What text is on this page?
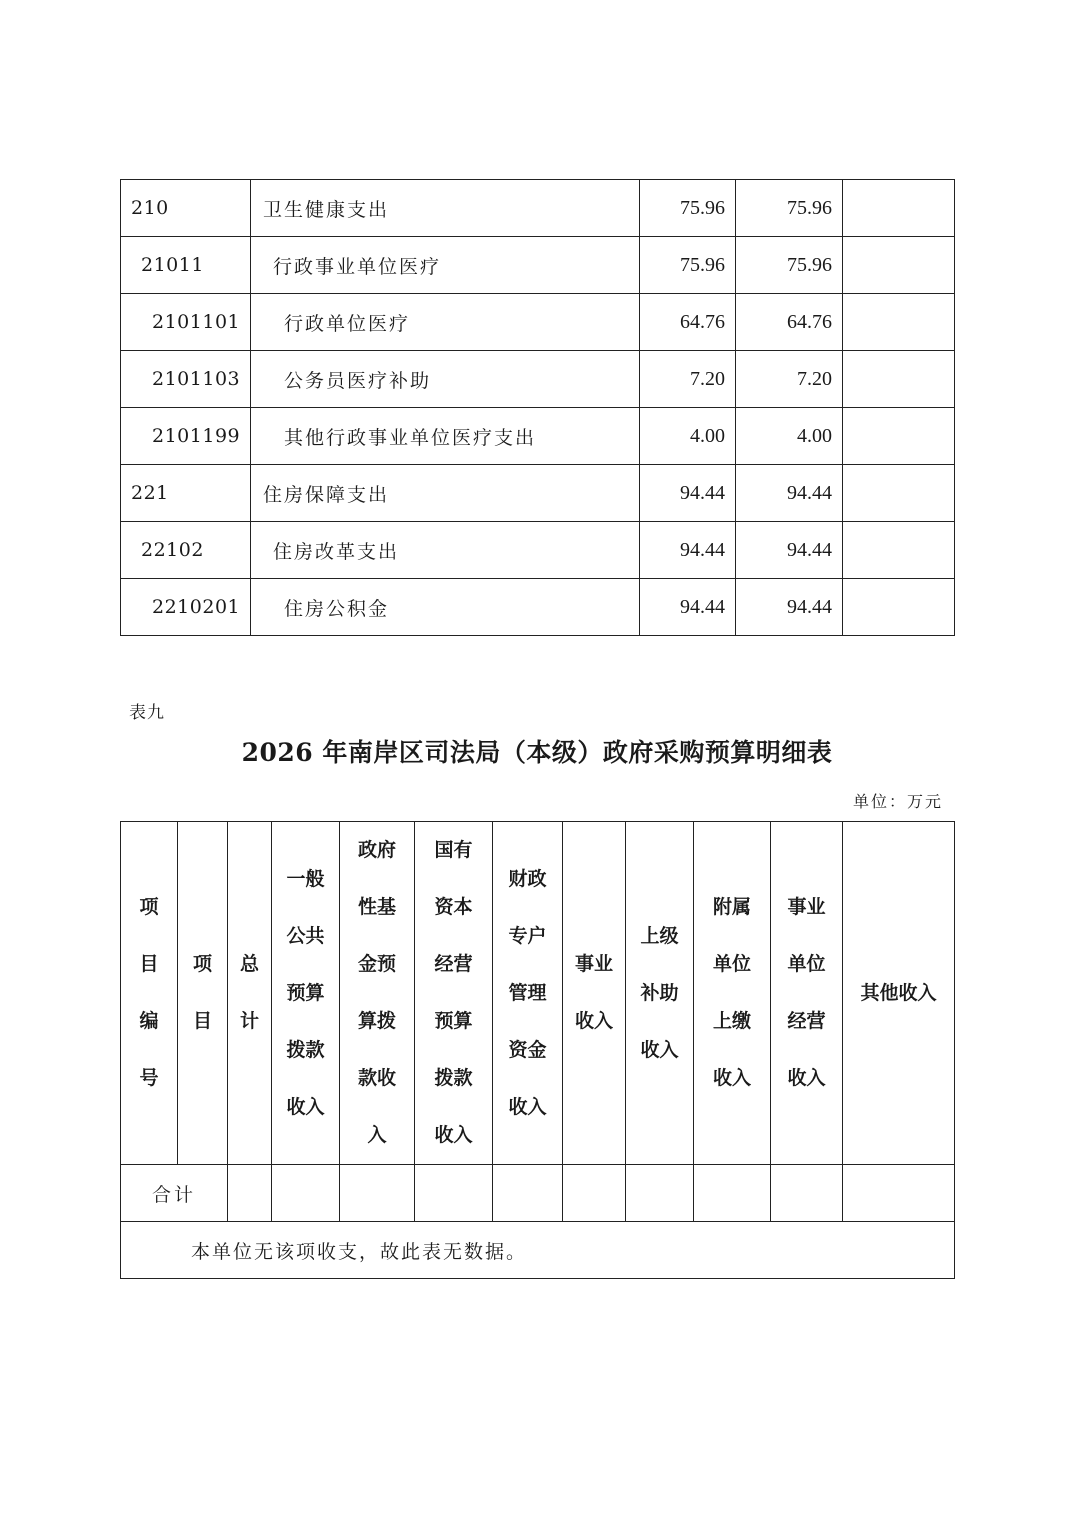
210	卫生健康支出	75.96	75.96	
21011	行政事业单位医疗	75.96	75.96	
2101101	行政单位医疗	64.76	64.76	
2101103	公务员医疗补助	7.20	7.20	
2101199	其他行政事业单位医疗支出	4.00	4.00	
221	住房保障支出	94.44	94.44	
22102	住房改革支出	94.44	94.44	
2210201	住房公积金	94.44	94.44	
表九
2026 年南岸区司法局（本级）政府采购预算明细表
单位：万元
项目编号	项目	总计	一般公共预算拨款收入	政府性基金预算拨款收入	国有资本经营预算拨款收入	财政专户管理资金收入	事业收入	上级补助收入	附属单位上缴收入	事业单位经营收入	其他收入
合计											
本单位无该项收支，故此表无数据。											
